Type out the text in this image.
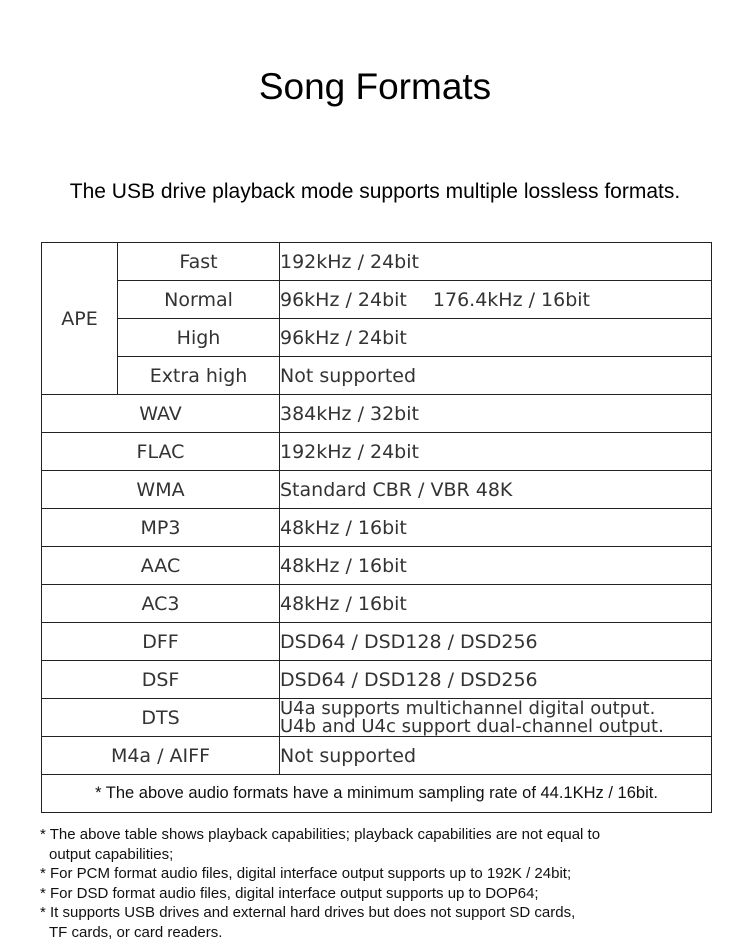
Song Formats
The USB drive playback mode supports multiple lossless formats.
APE	Fast	192kHz / 24bit
	Normal	96kHz / 24bit 176.4kHz / 16bit
	High	96kHz / 24bit
	Extra high	Not supported
WAV		384kHz / 32bit
FLAC		192kHz / 24bit
WMA		Standard CBR / VBR 48K
MP3		48kHz / 16bit
AAC		48kHz / 16bit
AC3		48kHz / 16bit
DFF		DSD64 / DSD128 / DSD256
DSF		DSD64 / DSD128 / DSD256
DTS		U4a supports multichannel digital output.
U4b and U4c support dual-channel output.

M4a / AIFF		Not supported
* The above audio formats have a minimum sampling rate of 44.1KHz / 16bit.		
* The above table shows playback capabilities; playback capabilities are not equal to
output capabilities;
* For PCM format audio files, digital interface output supports up to 192K / 24bit;
* For DSD format audio files, digital interface output supports up to DOP64;
* It supports USB drives and external hard drives but does not support SD cards,
TF cards, or card readers.
